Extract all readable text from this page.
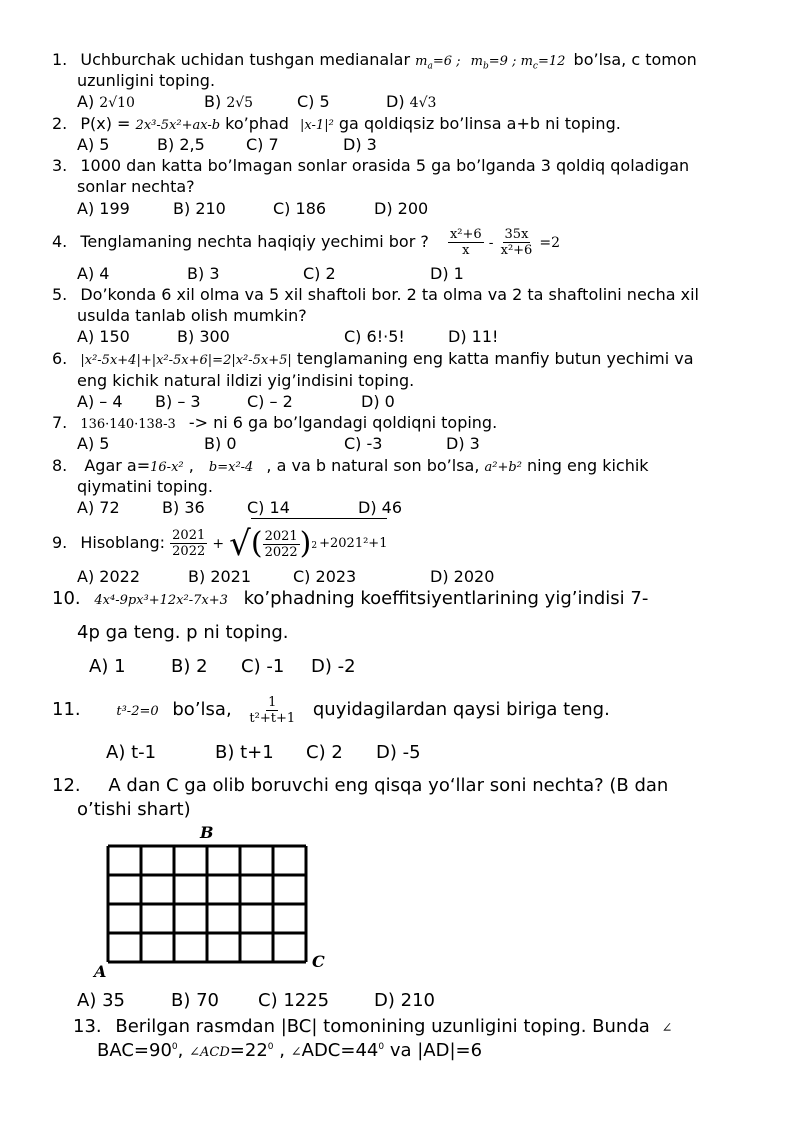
1. Uchburchak uchidan tushgan medianalar $m_a=6$ ; $m_b=9$ ; $m_c=12$ bo’lsa, c tomon
uzunligini toping.
A) 2√10	B) 2√5	C) 5	D) 4√3
2. P(x) = 2x³-5x²+ax-b ko’phad |x-1|² ga qoldiqsiz bo’linsa a+b ni toping.
A) 5	B) 2,5	C) 7	D) 3
3. 1000 dan katta bo’lmagan sonlar orasida 5 ga bo’lganda 3 qoldiq qoladigan
sonlar nechta?
A) 199	B) 210	C) 186	D) 200
4. Tenglamaning nechta haqiqiy yechimi bor ? $\frac{\text{x²+6}}{x} - \frac{35x}{\text{x²+6}} =2$
A) 4	B) 3	C) 2	D) 1
5. Do’konda 6 xil olma va 5 xil shaftoli bor. 2 ta olma va 2 ta shaftolini necha xil
usulda tanlab olish mumkin?
A) 150	B) 300	C) 6!·5!	D) 11!
6. |x²-5x+4|+|x²-5x+6|=2|x²-5x+5| tenglamaning eng katta manfiy butun yechimi va
eng kichik natural ildizi yig’indisini toping.
A) – 4 B) – 3	C) – 2	D) 0
7. 136·140·138-3 -> ni 6 ga bo’lgandagi qoldiqni toping.
A) 5	B) 0	C) -3	D) 3
8. Agar a=16-x² , b=x²-4 , a va b natural son bo’lsa, a²+b² ning eng kichik
qiymatini toping.
A) 72	B) 36	C) 14	D) 46
9. Hisoblang: $\frac{2021}{2022}$ + √ ( $\frac{2021}{2022}$ ) 2 +2021²+1
A) 2022	B) 2021	C) 2023	D) 2020
10. 4x⁴-9px³+12x²-7x+3 ko’phadning koeffitsiyentlarining yig’indisi 7-
4p ga teng. p ni toping.
A) 1	B) 2 C) -1 D) -2
11.	t³-2=0 bo’lsa, $\frac{1}{\text{t²+t+1}}$ quyidagilardan qaysi biriga teng.
A) t-1	B) t+1 C) 2 D) -5
12. A dan C ga olib boruvchi eng qisqa yo‘llar soni nechta? (B dan
o’tishi shart)
B
A
C
A) 35	B) 70 C) 1225 D) 210
13. Berilgan rasmdan |BC| tomonining uzunligini toping. Bunda ∠
$BAC=90^0$, $\angle ACD=22^0$ , $\angle ADC=44^0$ va |AD|=6
